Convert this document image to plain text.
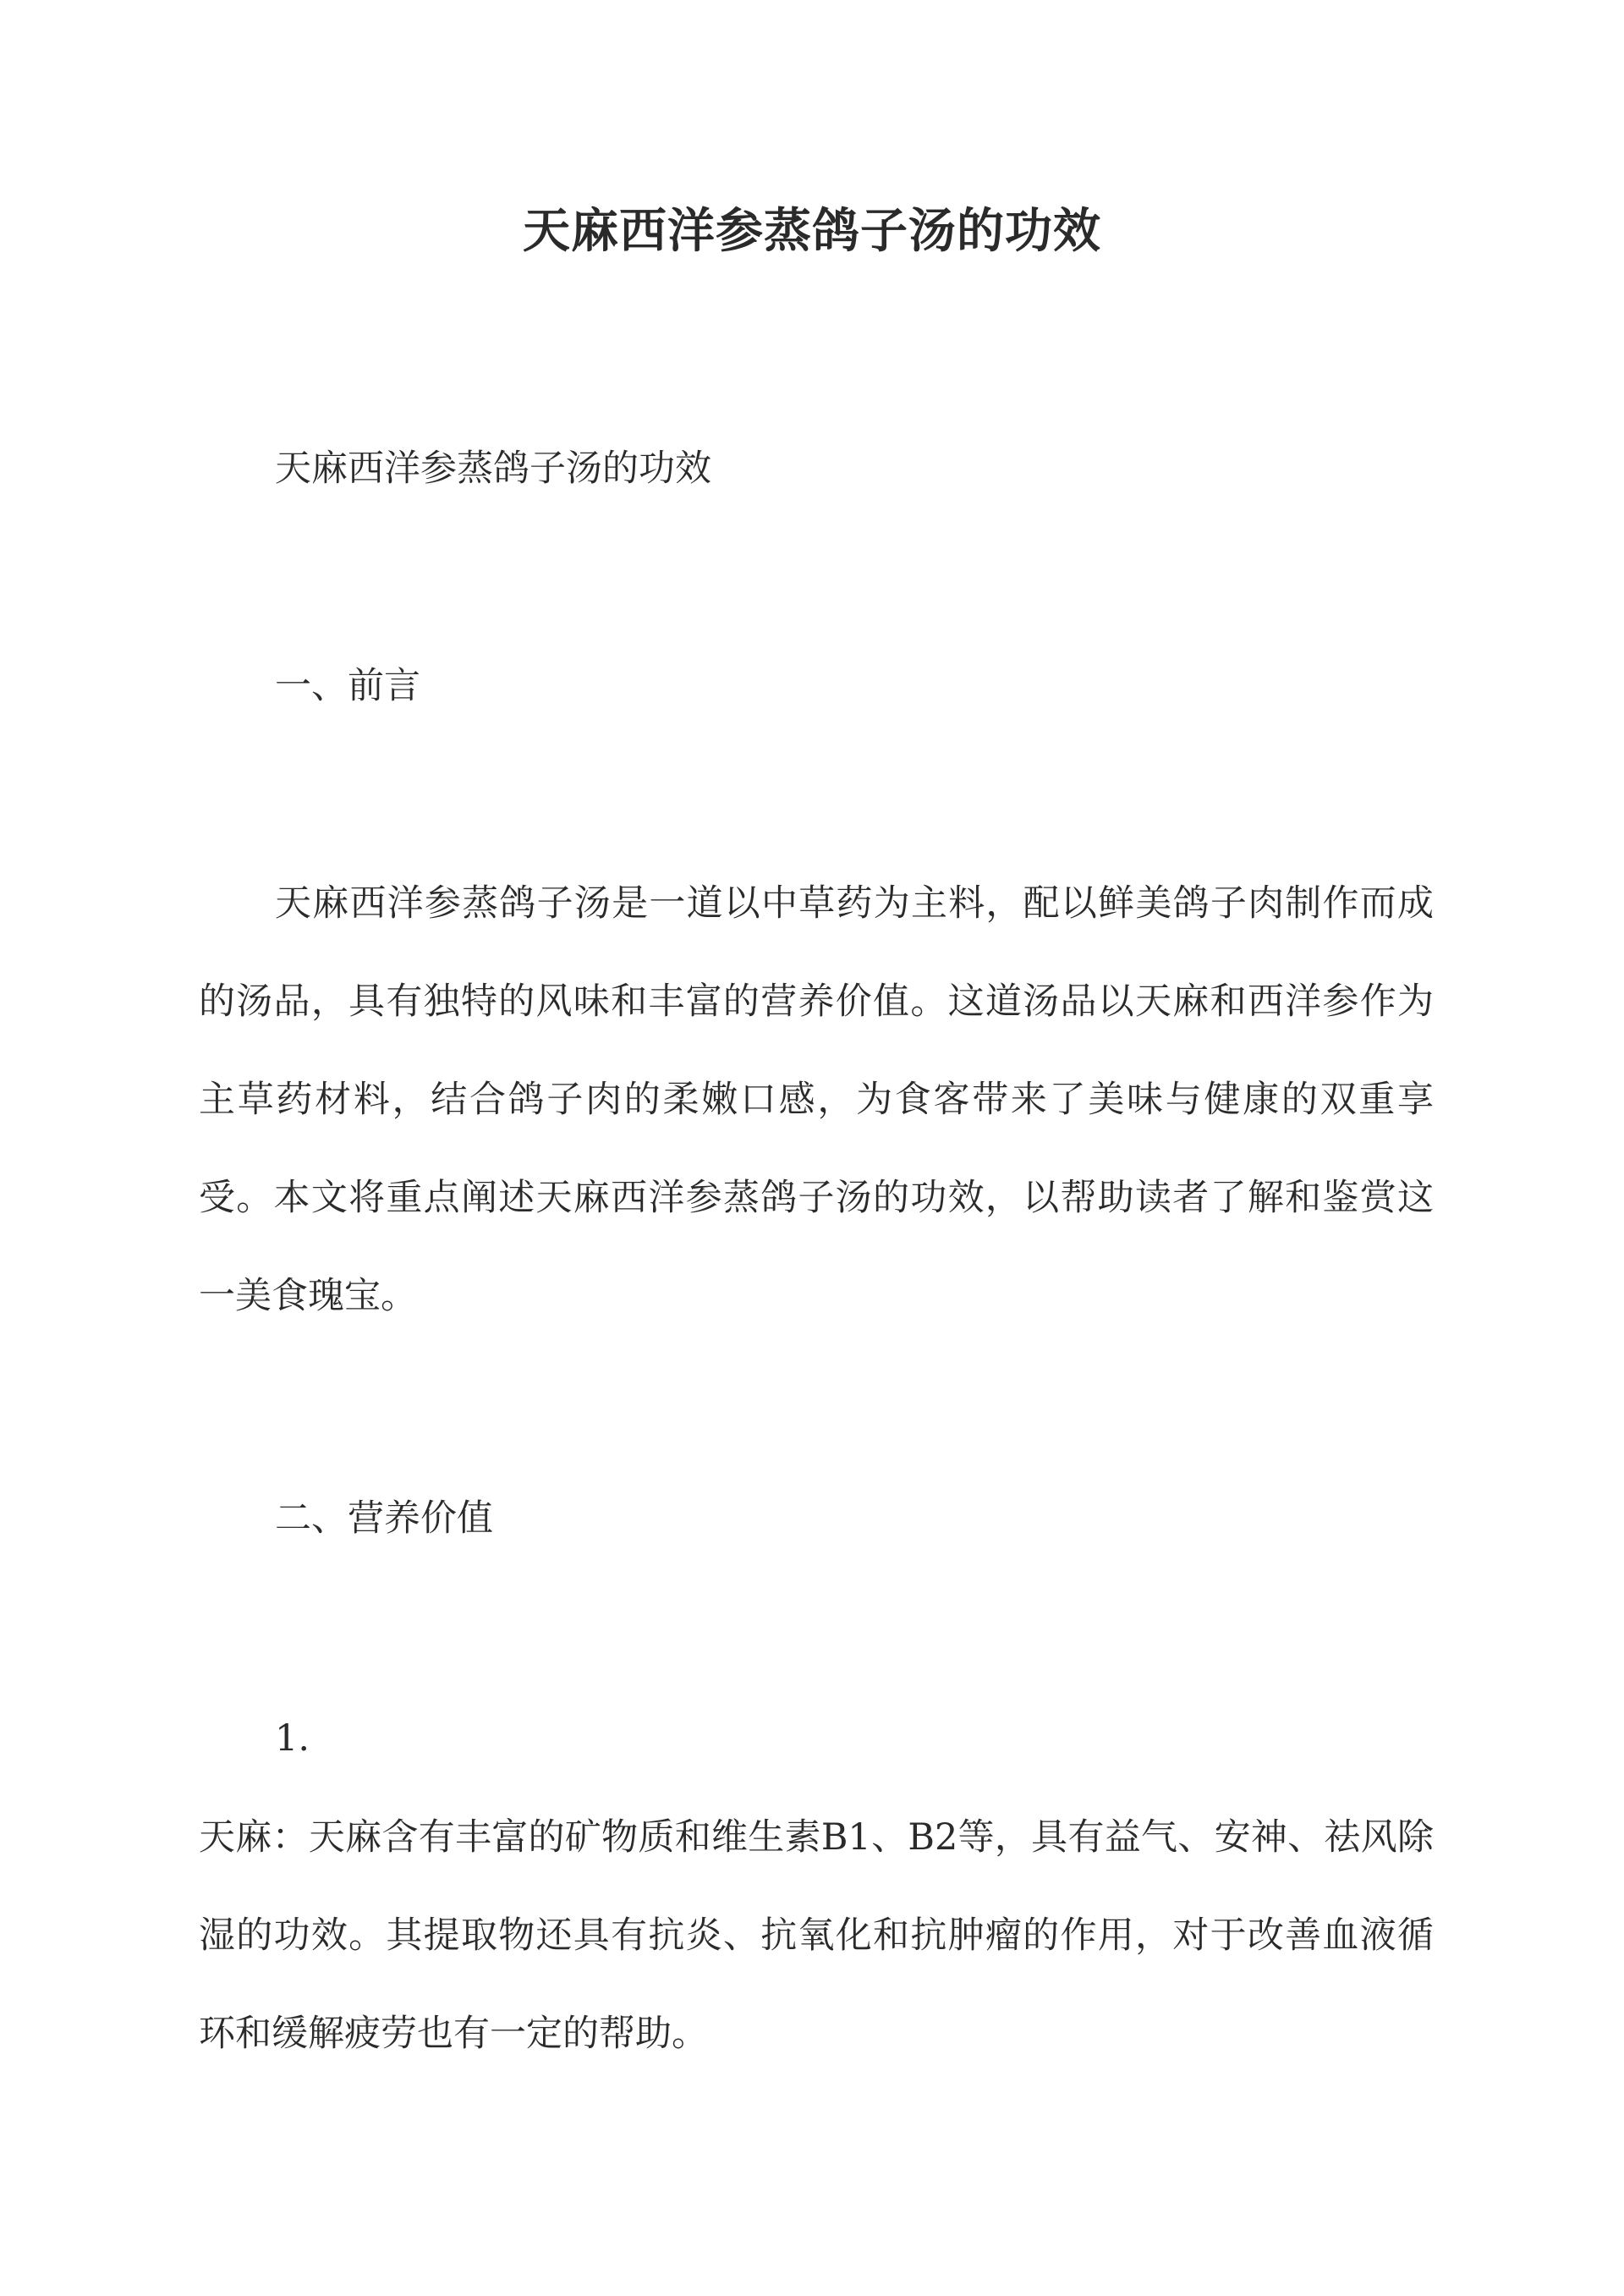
天麻西洋参蒸鸽子汤的功效

天麻西洋参蒸鸽子汤的功效

一、前言

天麻西洋参蒸鸽子汤是一道以中草药为主料，配以鲜美鸽子肉制作而成的汤品，具有独特的风味和丰富的营养价值。这道汤品以天麻和西洋参作为主草药材料，结合鸽子肉的柔嫩口感，为食客带来了美味与健康的双重享受。本文将重点阐述天麻西洋参蒸鸽子汤的功效，以帮助读者了解和鉴赏这一美食瑰宝。

二、营养价值

1.

天麻：天麻含有丰富的矿物质和维生素B1、B2等，具有益气、安神、祛风除湿的功效。其提取物还具有抗炎、抗氧化和抗肿瘤的作用，对于改善血液循环和缓解疲劳也有一定的帮助。
